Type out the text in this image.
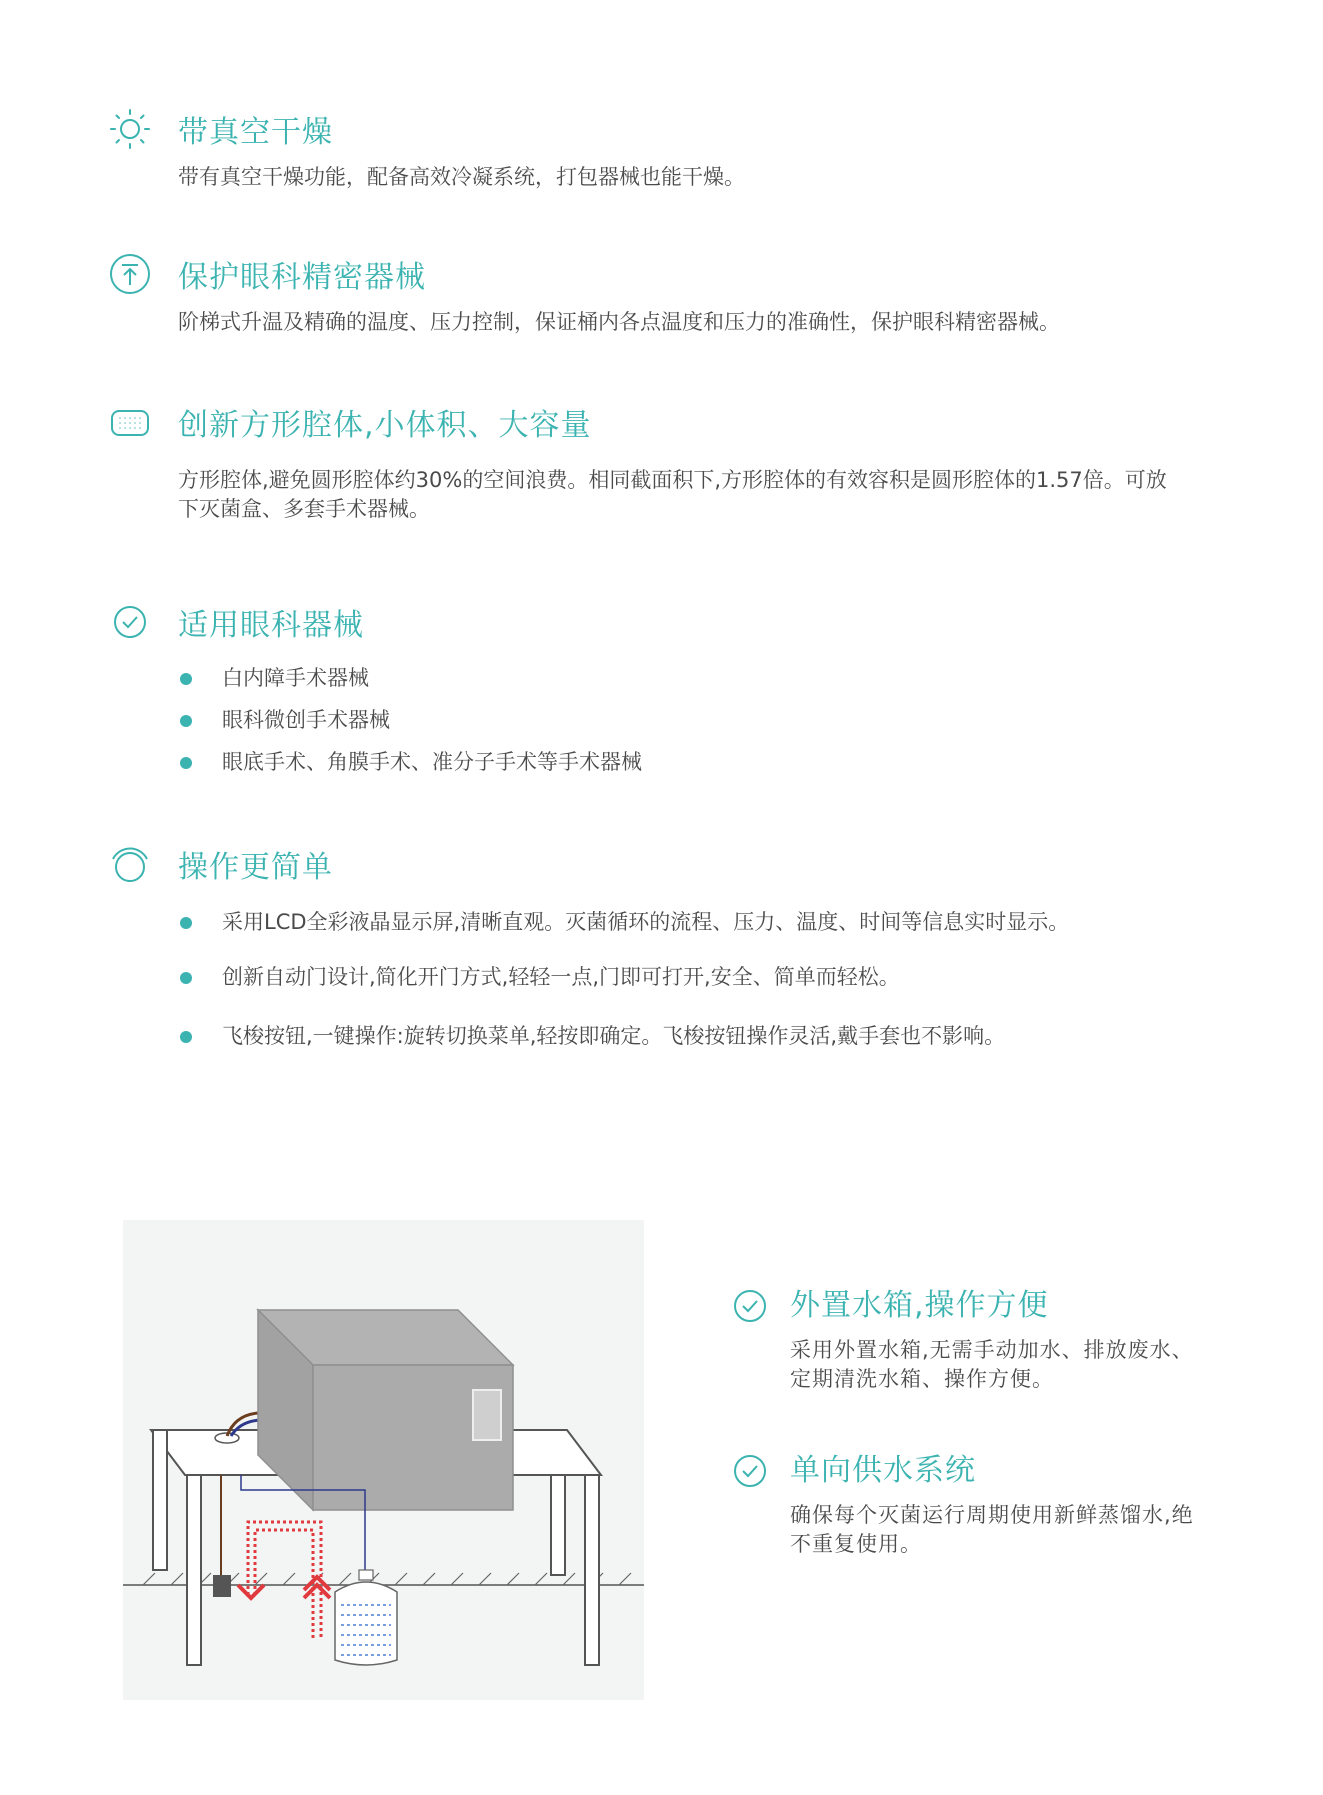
带真空干燥
带有真空干燥功能，配备高效冷凝系统，打包器械也能干燥。
保护眼科精密器械
阶梯式升温及精确的温度、压力控制，保证桶内各点温度和压力的准确性，保护眼科精密器械。
创新方形腔体,小体积、大容量
方形腔体,避免圆形腔体约30%的空间浪费。相同截面积下,方形腔体的有效容积是圆形腔体的1.57倍。可放下灭菌盒、多套手术器械。
适用眼科器械
白内障手术器械
眼科微创手术器械
眼底手术、角膜手术、准分子手术等手术器械
操作更简单
采用LCD全彩液晶显示屏,清晰直观。灭菌循环的流程、压力、温度、时间等信息实时显示。
创新自动门设计,简化开门方式,轻轻一点,门即可打开,安全、简单而轻松。
飞梭按钮,一键操作:旋转切换菜单,轻按即确定。飞梭按钮操作灵活,戴手套也不影响。
外置水箱,操作方便
采用外置水箱,无需手动加水、排放废水、定期清洗水箱、操作方便。
单向供水系统
确保每个灭菌运行周期使用新鲜蒸馏水,绝不重复使用。
